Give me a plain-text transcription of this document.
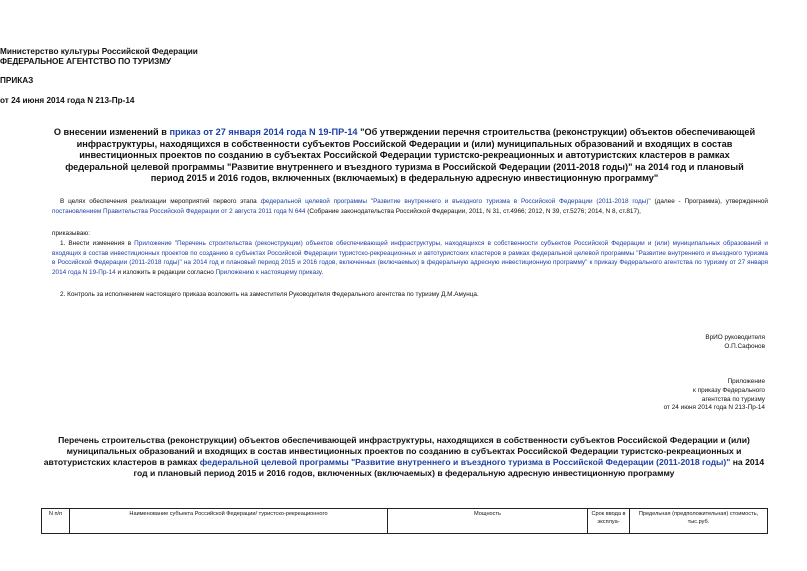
Министерство культуры Российской Федерации
ФЕДЕРАЛЬНОЕ АГЕНТСТВО ПО ТУРИЗМУ
ПРИКАЗ
от 24 июня 2014 года N 213-Пр-14
О внесении изменений в приказ от 27 января 2014 года N 19-ПР-14 "Об утверждении перечня строительства (реконструкции) объектов обеспечивающей инфраструктуры, находящихся в собственности субъектов Российской Федерации и (или) муниципальных образований и входящих в состав инвестиционных проектов по созданию в субъектах Российской Федерации туристско-рекреационных и автотуристских кластеров в рамках федеральной целевой программы "Развитие внутреннего и въездного туризма в Российской Федерации (2011-2018 годы)" на 2014 год и плановый период 2015 и 2016 годов, включенных (включаемых) в федеральную адресную инвестиционную программу"
В целях обеспечения реализации мероприятий первого этапа федеральной целевой программы "Развитие внутреннего и въездного туризма в Российской Федерации (2011-2018 годы)" (далее - Программа), утвержденной постановлением Правительства Российской Федерации от 2 августа 2011 года N 644 (Собрание законодательства Российской Федерации, 2011, N 31, ст.4966; 2012, N 39, ст.5276; 2014, N 8, ст.817),
приказываю:
1. Внести изменения в Приложение "Перечень строительства (реконструкции) объектов обеспечивающей инфраструктуры, находящихся в собственности субъектов Российской Федерации и (или) муниципальных образований и входящих в состав инвестиционных проектов по созданию в субъектах Российской Федерации туристско-рекреационных и автотуристских кластеров в рамках федеральной целевой программы "Развитие внутреннего и въездного туризма в Российской Федерации (2011-2018 годы)" на 2014 год и плановый период 2015 и 2016 годов, включенных (включаемых) в федеральную адресную инвестиционную программу" к приказу Федерального агентства по туризму от 27 января 2014 года N 19-Пр-14 и изложить в редакции согласно Приложению к настоящему приказу.
2. Контроль за исполнением настоящего приказа возложить на заместителя Руководителя Федерального агентства по туризму Д.М.Амунца.
ВрИО руководителя
О.П.Сафонов
Приложение
к приказу Федерального
агентства по туризму
от 24 июня 2014 года N 213-Пр-14
Перечень строительства (реконструкции) объектов обеспечивающей инфраструктуры, находящихся в собственности субъектов Российской Федерации и (или) муниципальных образований и входящих в состав инвестиционных проектов по созданию в субъектах Российской Федерации туристско-рекреационных и автотуристских кластеров в рамках федеральной целевой программы "Развитие внутреннего и въездного туризма в Российской Федерации (2011-2018 годы)" на 2014 год и плановый период 2015 и 2016 годов, включенных (включаемых) в федеральную адресную инвестиционную программу
N п/п	Наименование субъекта Российской Федерации/ туристско-рекреационного	Мощность	Срок ввода в эксплуа-	Предельная (предположительная) стоимость, тыс.руб.
